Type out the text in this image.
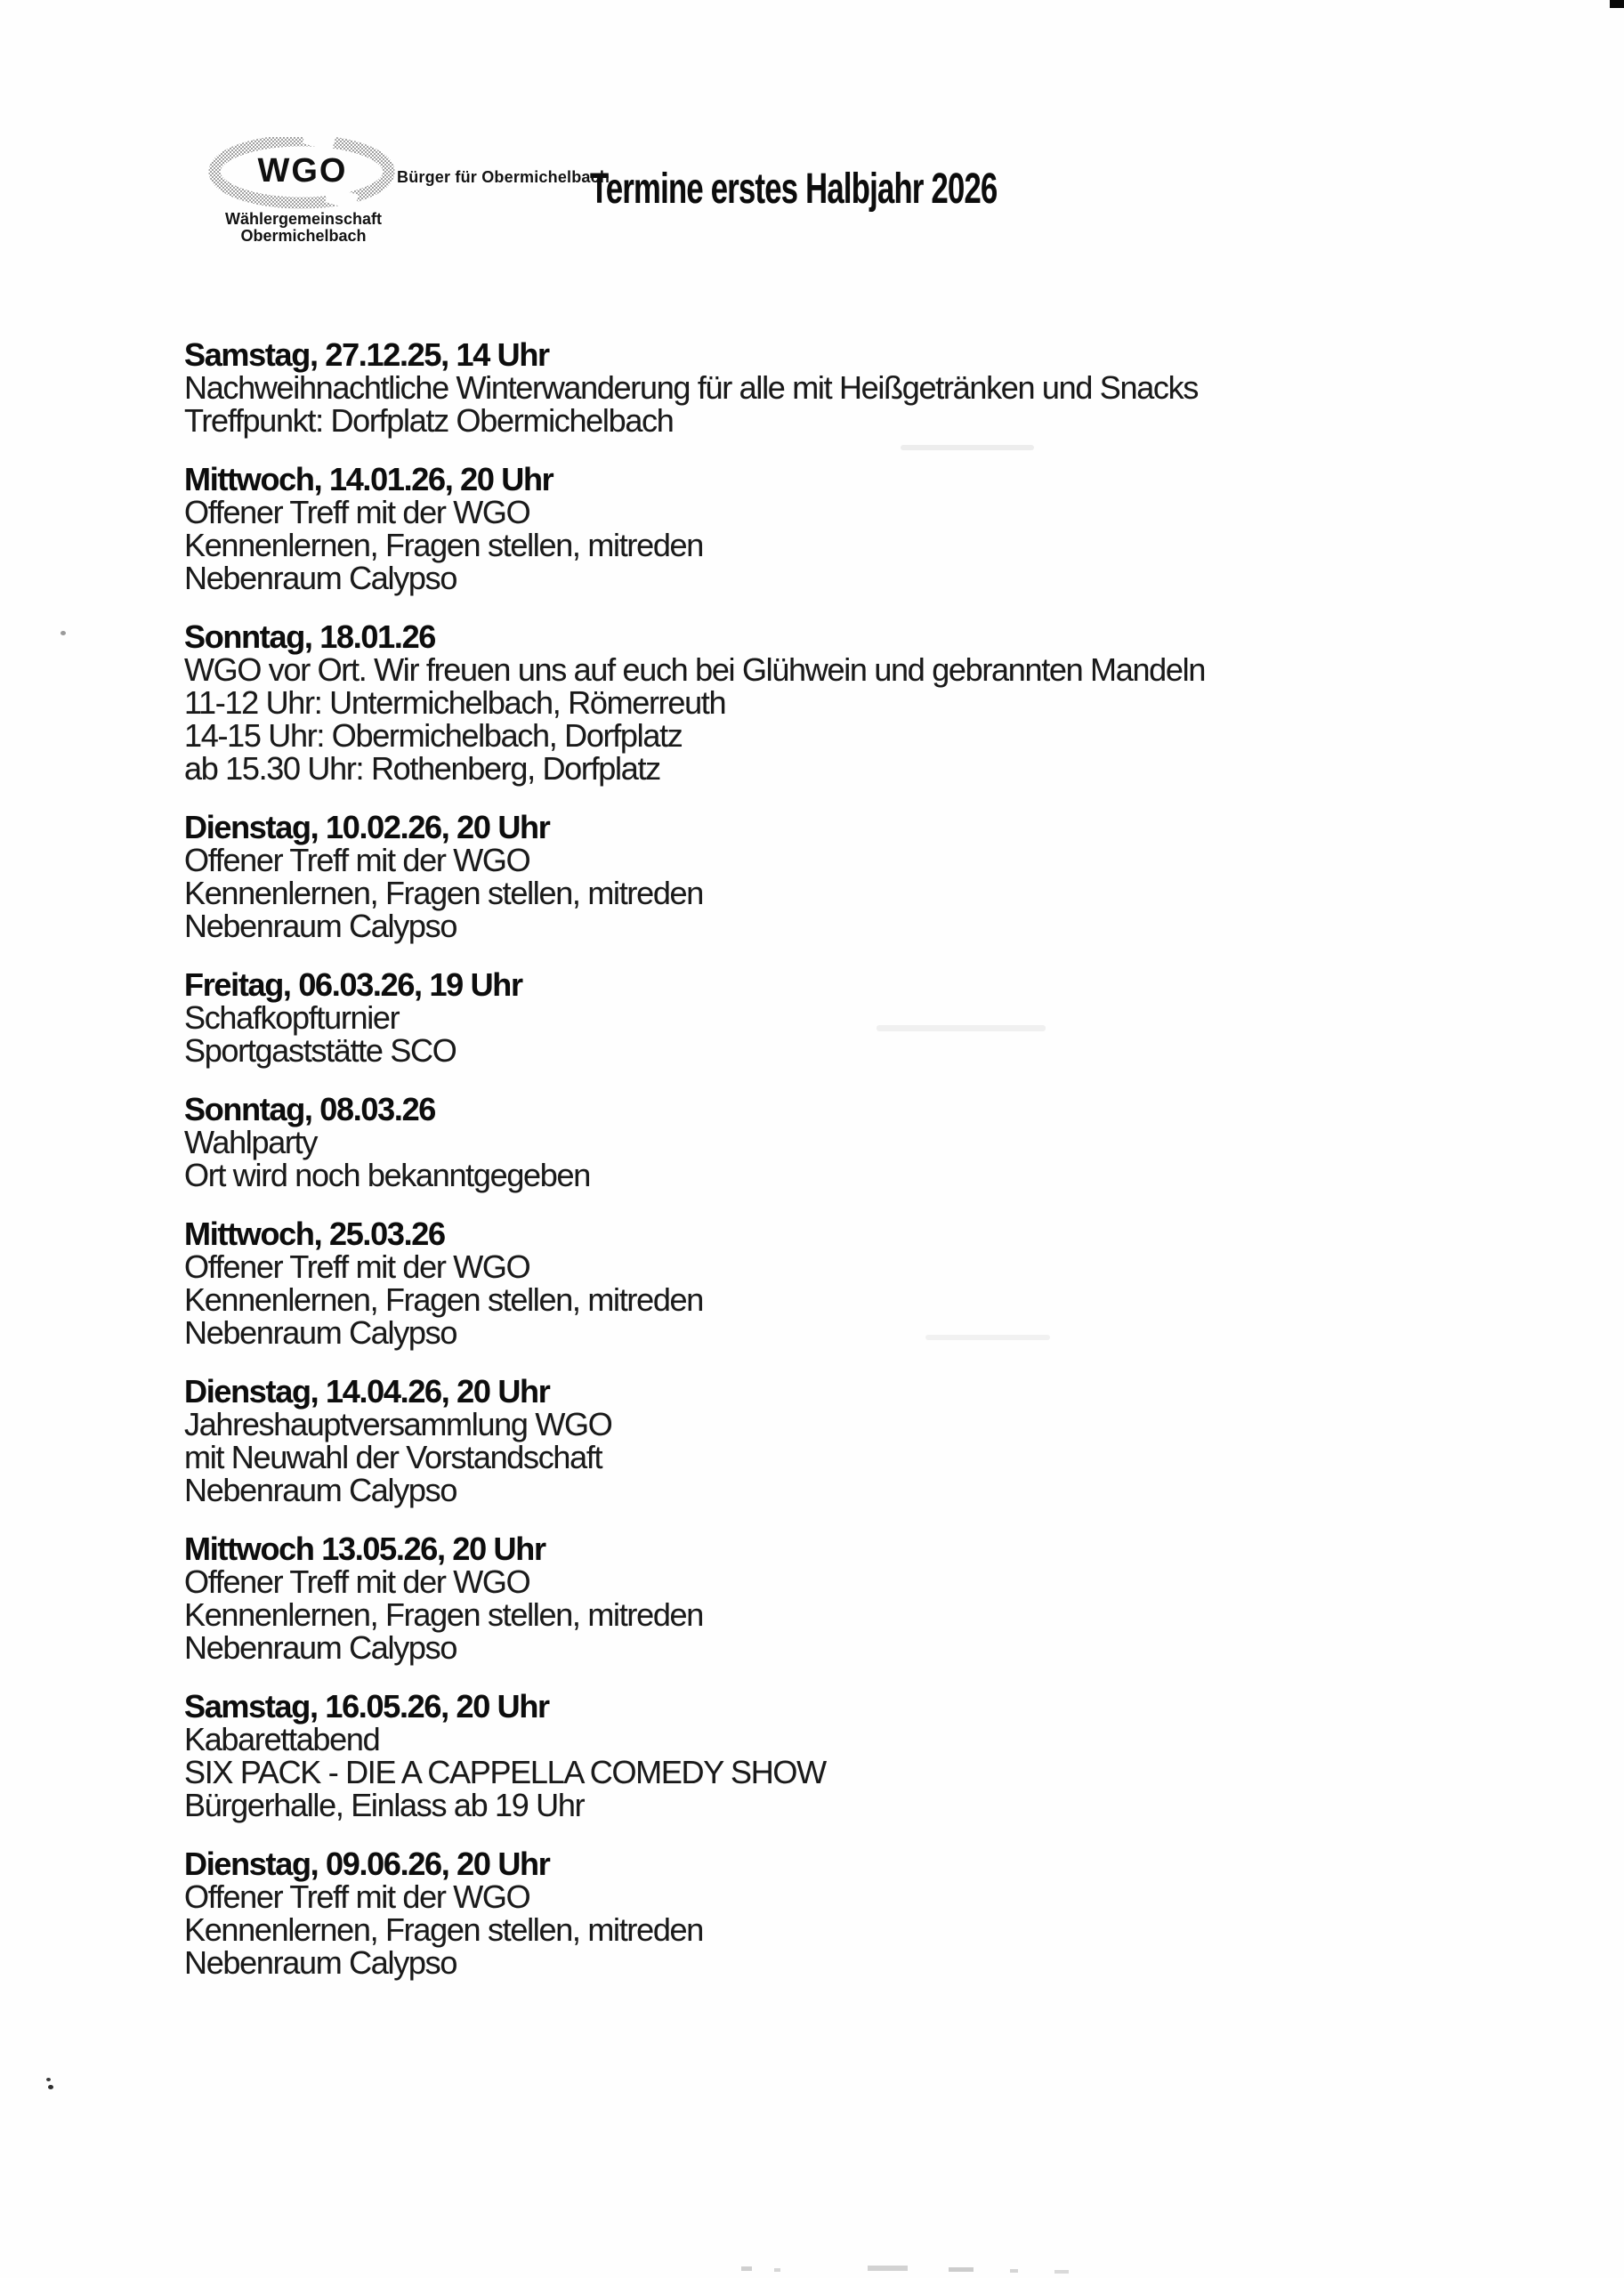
WGO	Bürger für Obermichelbach
Wählergemeinschaft
Obermichelbach
Termine erstes Halbjahr 2026
Samstag, 27.12.25, 14 Uhr

Nachweihnachtliche Winterwanderung für alle mit Heißgetränken und Snacks

Treffpunkt: Dorfplatz Obermichelbach

Mittwoch, 14.01.26, 20 Uhr

Offener Treff mit der WGO

Kennenlernen, Fragen stellen, mitreden

Nebenraum Calypso

Sonntag, 18.01.26

WGO vor Ort. Wir freuen uns auf euch bei Glühwein und gebrannten Mandeln

11-12 Uhr: Untermichelbach, Römerreuth

14-15 Uhr: Obermichelbach, Dorfplatz

ab 15.30 Uhr: Rothenberg, Dorfplatz

Dienstag, 10.02.26, 20 Uhr

Offener Treff mit der WGO

Kennenlernen, Fragen stellen, mitreden

Nebenraum Calypso

Freitag, 06.03.26, 19 Uhr

Schafkopfturnier

Sportgaststätte SCO

Sonntag, 08.03.26

Wahlparty

Ort wird noch bekanntgegeben

Mittwoch, 25.03.26

Offener Treff mit der WGO

Kennenlernen, Fragen stellen, mitreden

Nebenraum Calypso

Dienstag, 14.04.26, 20 Uhr

Jahreshauptversammlung WGO

mit Neuwahl der Vorstandschaft

Nebenraum Calypso

Mittwoch 13.05.26, 20 Uhr

Offener Treff mit der WGO

Kennenlernen, Fragen stellen, mitreden

Nebenraum Calypso

Samstag, 16.05.26, 20 Uhr

Kabarettabend

SIX PACK - DIE A CAPPELLA COMEDY SHOW

Bürgerhalle, Einlass ab 19 Uhr

Dienstag, 09.06.26, 20 Uhr

Offener Treff mit der WGO

Kennenlernen, Fragen stellen, mitreden

Nebenraum Calypso
